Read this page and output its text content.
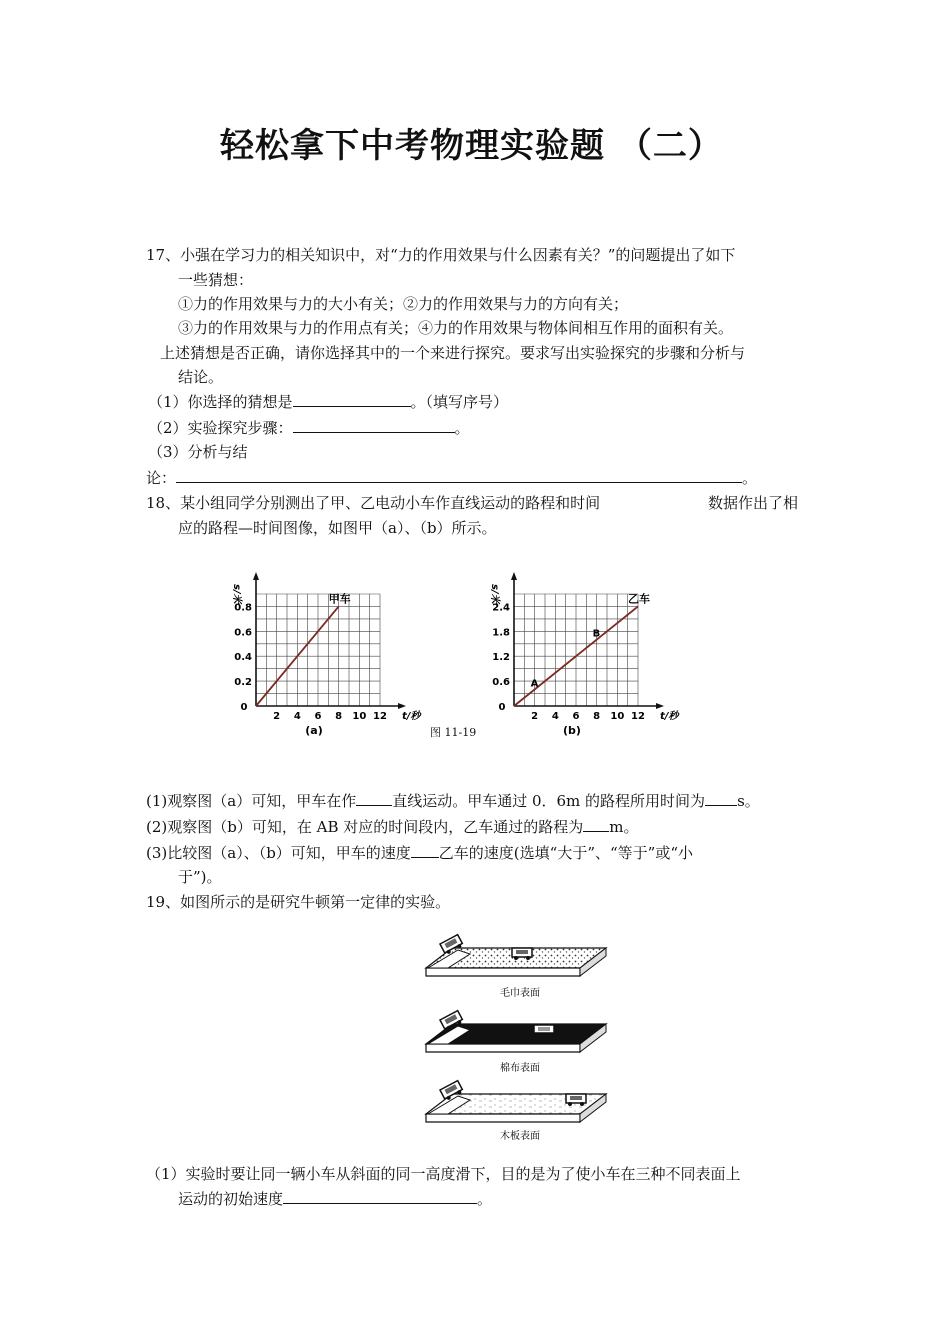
轻松拿下中考物理实验题 （二）
17、小强在学习力的相关知识中，对“力的作用效果与什么因素有关？”的问题提出了如下
一些猜想：
①力的作用效果与力的大小有关；②力的作用效果与力的方向有关；
③力的作用效果与力的作用点有关；④力的作用效果与物体间相互作用的面积有关。
上述猜想是否正确，请你选择其中的一个来进行探究。要求写出实验探究的步骤和分析与
结论。
（1）你选择的猜想是	。（填写序号）
（2）实验探究步骤：	。
（3）分析与结
论：	。
18、某小组同学分别测出了甲、乙电动小车作直线运动的路程和时间	数据作出了相
应的路程—时间图像，如图甲（a）、（b）所示。
2 4 6 8 10 12
0.2
0.4
0.6
0.8
0
t/秒
s/米
(a)
甲车
2 4 6 8 10 12
0.6
1.2
1.8
2.4
0
t/秒
s/米
(b)
乙车
A
B
图 11-19
(1)观察图（a）可知，甲车在作 直线运动。甲车通过 0．6m 的路程所用时间为 s。
(2)观察图（b）可知，在 AB 对应的时间段内，乙车通过的路程为 m。
(3)比较图（a）、（b）可知，甲车的速度 乙车的速度(选填“大于”、“等于”或“小
于”)。
19、如图所示的是研究牛顿第一定律的实验。
毛巾表面
棉布表面
木板表面
（1）实验时要让同一辆小车从斜面的同一高度滑下，目的是为了使小车在三种不同表面上
运动的初始速度	。
